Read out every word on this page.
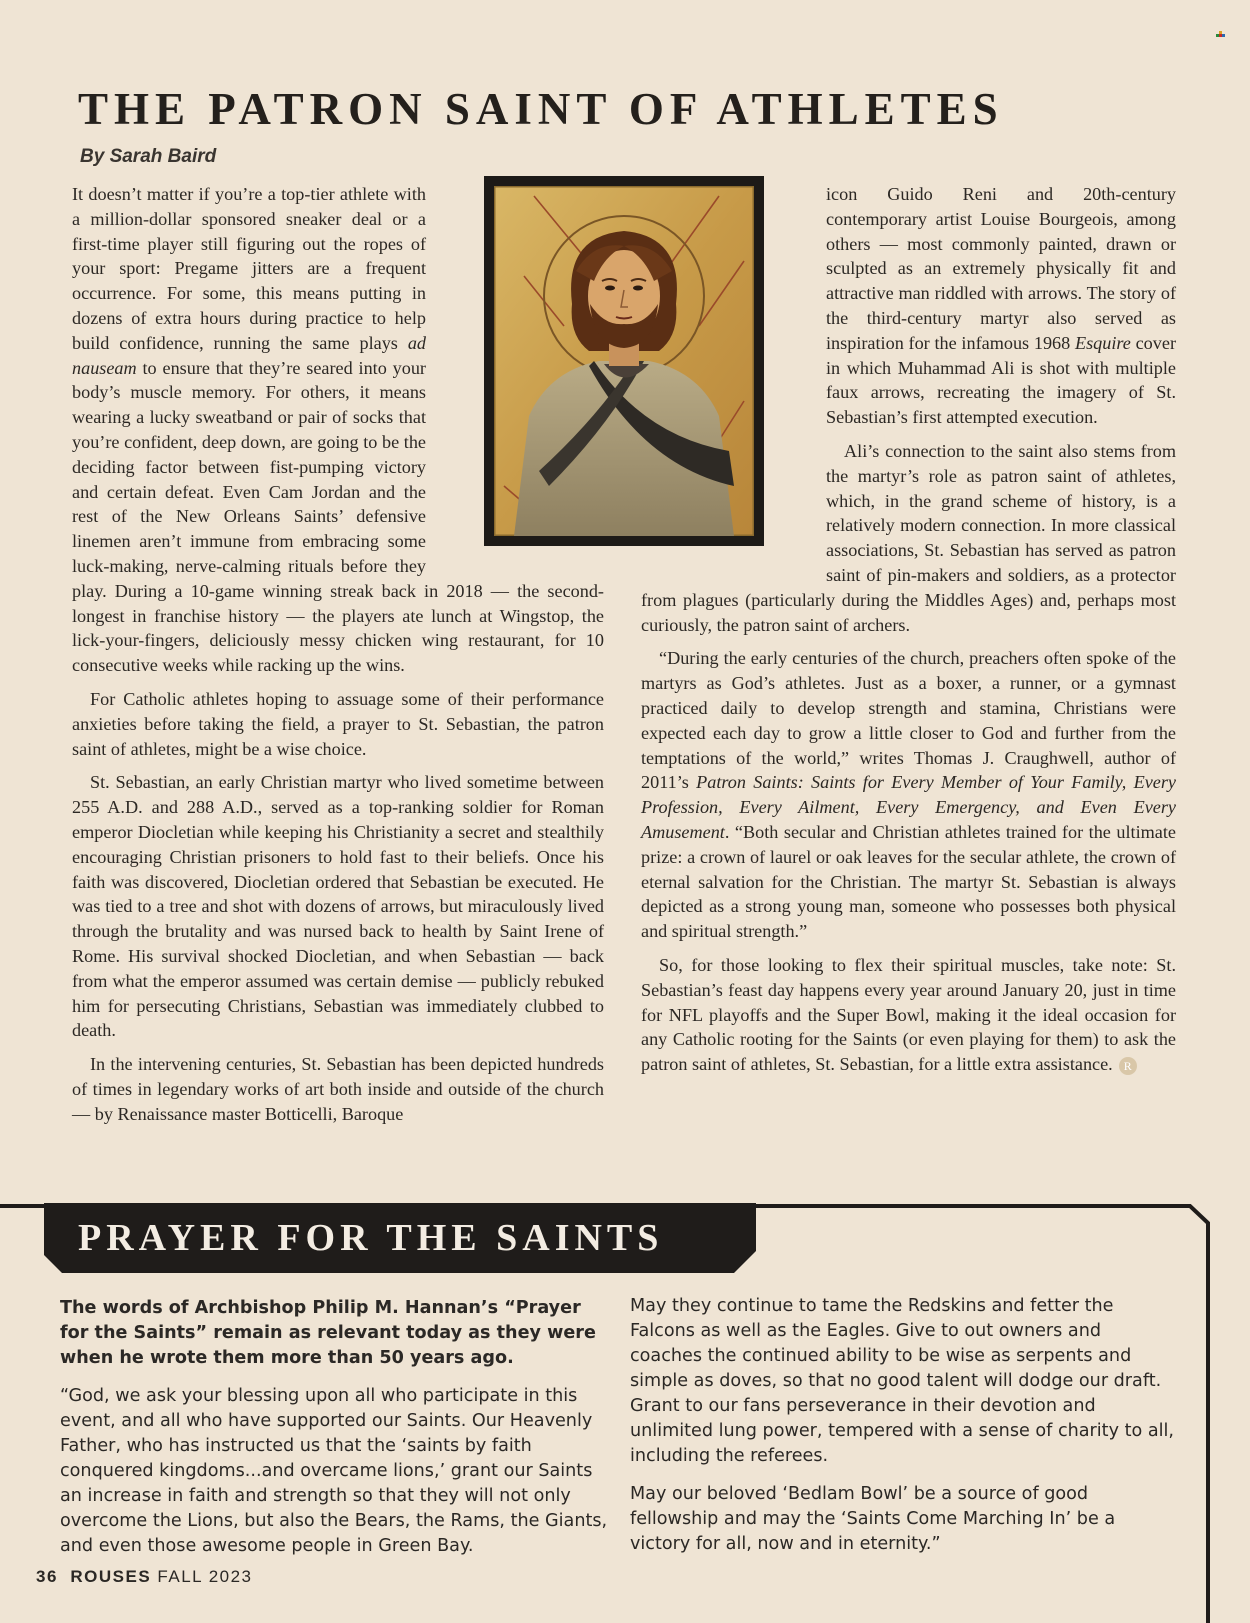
THE PATRON SAINT OF ATHLETES
By Sarah Baird

It doesn’t matter if you’re a top-tier athlete with a million-dollar sponsored sneaker deal or a first-time player still figuring out the ropes of your sport: Pregame jitters are a frequent occurrence. For some, this means putting in dozens of extra hours during practice to help build confidence, running the same plays ad nauseam to ensure that they’re seared into your body’s muscle memory. For others, it means wearing a lucky sweatband or pair of socks that you’re confident, deep down, are going to be the deciding factor between fist-pumping victory and certain defeat. Even Cam Jordan and the rest of the New Orleans Saints’ defensive linemen aren’t immune from embracing some luck-making, nerve-calming rituals before they play. During a 10-game winning streak back in 2018 — the second-longest in franchise history — the players ate lunch at Wingstop, the lick-your-fingers, deliciously messy chicken wing restaurant, for 10 consecutive weeks while racking up the wins.

For Catholic athletes hoping to assuage some of their performance anxieties before taking the field, a prayer to St. Sebastian, the patron saint of athletes, might be a wise choice.

St. Sebastian, an early Christian martyr who lived sometime between 255 A.D. and 288 A.D., served as a top-ranking soldier for Roman emperor Diocletian while keeping his Christianity a secret and stealthily encouraging Christian prisoners to hold fast to their beliefs. Once his faith was discovered, Diocletian ordered that Sebastian be executed. He was tied to a tree and shot with dozens of arrows, but miraculously lived through the brutality and was nursed back to health by Saint Irene of Rome. His survival shocked Diocletian, and when Sebastian — back from what the emperor assumed was certain demise — publicly rebuked him for persecuting Christians, Sebastian was immediately clubbed to death.

In the intervening centuries, St. Sebastian has been depicted hundreds of times in legendary works of art both inside and outside of the church — by Renaissance master Botticelli, Baroque

icon Guido Reni and 20th-century contemporary artist Louise Bourgeois, among others — most commonly painted, drawn or sculpted as an extremely physically fit and attractive man riddled with arrows. The story of the third-century martyr also served as inspiration for the infamous 1968 Esquire cover in which Muhammad Ali is shot with multiple faux arrows, recreating the imagery of St. Sebastian’s first attempted execution.

Ali’s connection to the saint also stems from the martyr’s role as patron saint of athletes, which, in the grand scheme of history, is a relatively modern connection. In more classical associations, St. Sebastian has served as patron saint of pin-makers and soldiers, as a protector from plagues (particularly during the Middles Ages) and, perhaps most curiously, the patron saint of archers.

“During the early centuries of the church, preachers often spoke of the martyrs as God’s athletes. Just as a boxer, a runner, or a gymnast practiced daily to develop strength and stamina, Christians were expected each day to grow a little closer to God and further from the temptations of the world,” writes Thomas J. Craughwell, author of 2011’s Patron Saints: Saints for Every Member of Your Family, Every Profession, Every Ailment, Every Emergency, and Even Every Amusement. “Both secular and Christian athletes trained for the ultimate prize: a crown of laurel or oak leaves for the secular athlete, the crown of eternal salvation for the Christian. The martyr St. Sebastian is always depicted as a strong young man, someone who possesses both physical and spiritual strength.”

So, for those looking to flex their spiritual muscles, take note: St. Sebastian’s feast day happens every year around January 20, just in time for NFL playoffs and the Super Bowl, making it the ideal occasion for any Catholic rooting for the Saints (or even playing for them) to ask the patron saint of athletes, St. Sebastian, for a little extra assistance. R

PRAYER FOR THE SAINTS

The words of Archbishop Philip M. Hannan’s “Prayer for the Saints” remain as relevant today as they were when he wrote them more than 50 years ago.

“God, we ask your blessing upon all who participate in this event, and all who have supported our Saints. Our Heavenly Father, who has instructed us that the ‘saints by faith conquered kingdoms...and overcame lions,’ grant our Saints an increase in faith and strength so that they will not only overcome the Lions, but also the Bears, the Rams, the Giants, and even those awesome people in Green Bay.

May they continue to tame the Redskins and fetter the Falcons as well as the Eagles. Give to out owners and coaches the continued ability to be wise as serpents and simple as doves, so that no good talent will dodge our draft. Grant to our fans perseverance in their devotion and unlimited lung power, tempered with a sense of charity to all, including the referees.

May our beloved ‘Bedlam Bowl’ be a source of good fellowship and may the ‘Saints Come Marching In’ be a victory for all, now and in eternity.”

36 ROUSES FALL 2023
